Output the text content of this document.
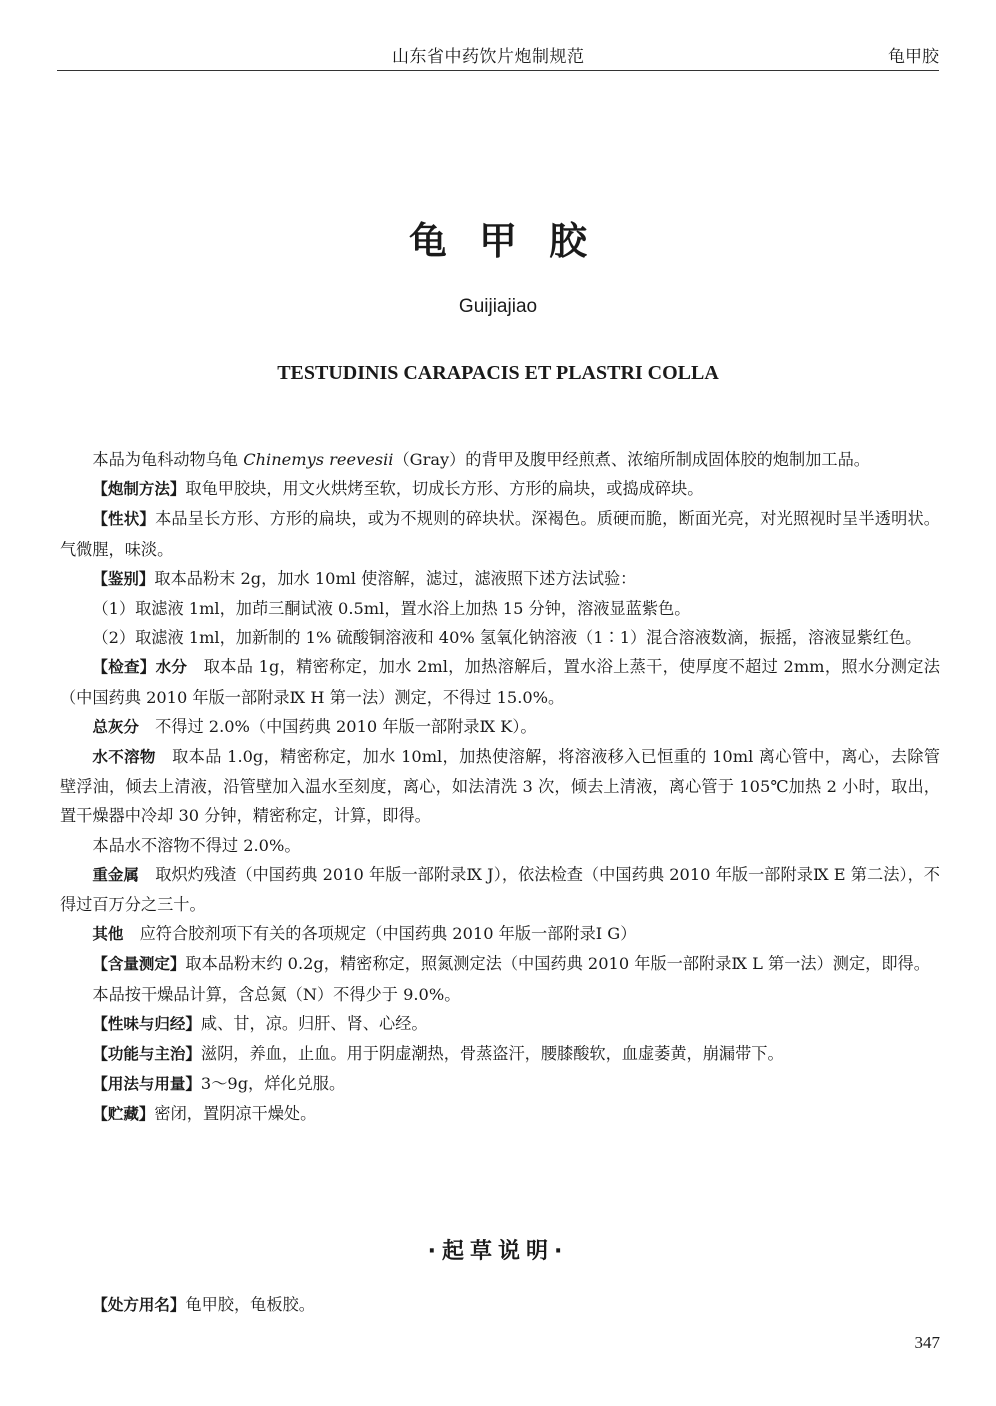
山东省中药饮片炮制规范	龟甲胶
龟甲胶
Guijiajiao
TESTUDINIS CARAPACIS ET PLASTRI COLLA

本品为龟科动物乌龟 Chinemys reevesii（Gray）的背甲及腹甲经煎煮、浓缩所制成固体胶的炮制加工品。

【炮制方法】取龟甲胶块，用文火烘烤至软，切成长方形、方形的扁块，或捣成碎块。

【性状】本品呈长方形、方形的扁块，或为不规则的碎块状。深褐色。质硬而脆，断面光亮，对光照视时呈半透明状。气微腥，味淡。

【鉴别】取本品粉末 2g，加水 10ml 使溶解，滤过，滤液照下述方法试验：

（1）取滤液 1ml，加茚三酮试液 0.5ml，置水浴上加热 15 分钟，溶液显蓝紫色。

（2）取滤液 1ml，加新制的 1% 硫酸铜溶液和 40% 氢氧化钠溶液（1∶1）混合溶液数滴，振摇，溶液显紫红色。

【检查】水分　取本品 1g，精密称定，加水 2ml，加热溶解后，置水浴上蒸干，使厚度不超过 2mm，照水分测定法（中国药典 2010 年版一部附录Ⅸ H 第一法）测定，不得过 15.0%。

总灰分　不得过 2.0%（中国药典 2010 年版一部附录Ⅸ K）。

水不溶物　取本品 1.0g，精密称定，加水 10ml，加热使溶解，将溶液移入已恒重的 10ml 离心管中，离心，去除管壁浮油，倾去上清液，沿管壁加入温水至刻度，离心，如法清洗 3 次，倾去上清液，离心管于 105℃加热 2 小时，取出，置干燥器中冷却 30 分钟，精密称定，计算，即得。

本品水不溶物不得过 2.0%。

重金属　取炽灼残渣（中国药典 2010 年版一部附录Ⅸ J），依法检查（中国药典 2010 年版一部附录Ⅸ E 第二法），不得过百万分之三十。

其他　应符合胶剂项下有关的各项规定（中国药典 2010 年版一部附录Ⅰ G）

【含量测定】取本品粉末约 0.2g，精密称定，照氮测定法（中国药典 2010 年版一部附录Ⅸ L 第一法）测定，即得。

本品按干燥品计算，含总氮（N）不得少于 9.0%。

【性味与归经】咸、甘，凉。归肝、肾、心经。

【功能与主治】滋阴，养血，止血。用于阴虚潮热，骨蒸盗汗，腰膝酸软，血虚萎黄，崩漏带下。

【用法与用量】3～9g，烊化兑服。

【贮藏】密闭，置阴凉干燥处。

·起草说明·

【处方用名】龟甲胶，龟板胶。

347
